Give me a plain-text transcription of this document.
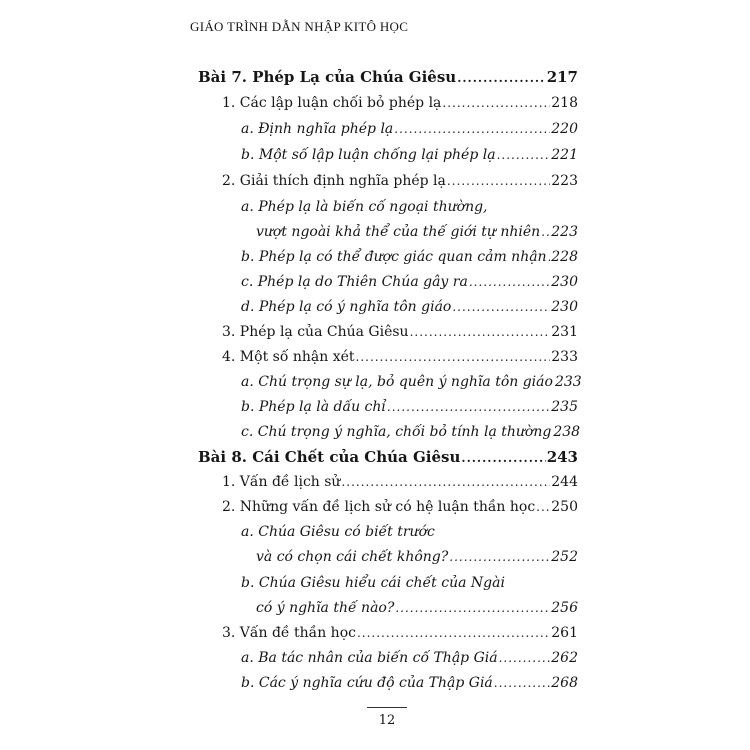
GIÁO TRÌNH DẪN NHẬP KITÔ HỌC
Bài 7. Phép Lạ của Chúa Giêsu .....	217
1. Các lập luận chối bỏ phép lạ .....	218
a. Định nghĩa phép lạ .....	220
b. Một số lập luận chống lại phép lạ .....	221
2. Giải thích định nghĩa phép lạ .....	223
a. Phép lạ là biến cố ngoại thường,
vượt ngoài khả thể của thế giới tự nhiên ..... 223
b. Phép lạ có thể được giác quan cảm nhận ..... 228
c. Phép lạ do Thiên Chúa gây ra .....	230
d. Phép lạ có ý nghĩa tôn giáo .....	230
3. Phép lạ của Chúa Giêsu .....	231
4. Một số nhận xét .....	233
a. Chú trọng sự lạ, bỏ quên ý nghĩa tôn giáo 233
b. Phép lạ là dấu chỉ .....	235
c. Chú trọng ý nghĩa, chối bỏ tính lạ thường 238
Bài 8. Cái Chết của Chúa Giêsu .....	243
1. Vấn đề lịch sử .....	244
2. Những vấn đề lịch sử có hệ luận thần học ..... 250
a. Chúa Giêsu có biết trước
và có chọn cái chết không? .....	252
b. Chúa Giêsu hiểu cái chết của Ngài
có ý nghĩa thế nào? .....	256
3. Vấn đề thần học .....	261
a. Ba tác nhân của biến cố Thập Giá .....	262
b. Các ý nghĩa cứu độ của Thập Giá .....	268
12
